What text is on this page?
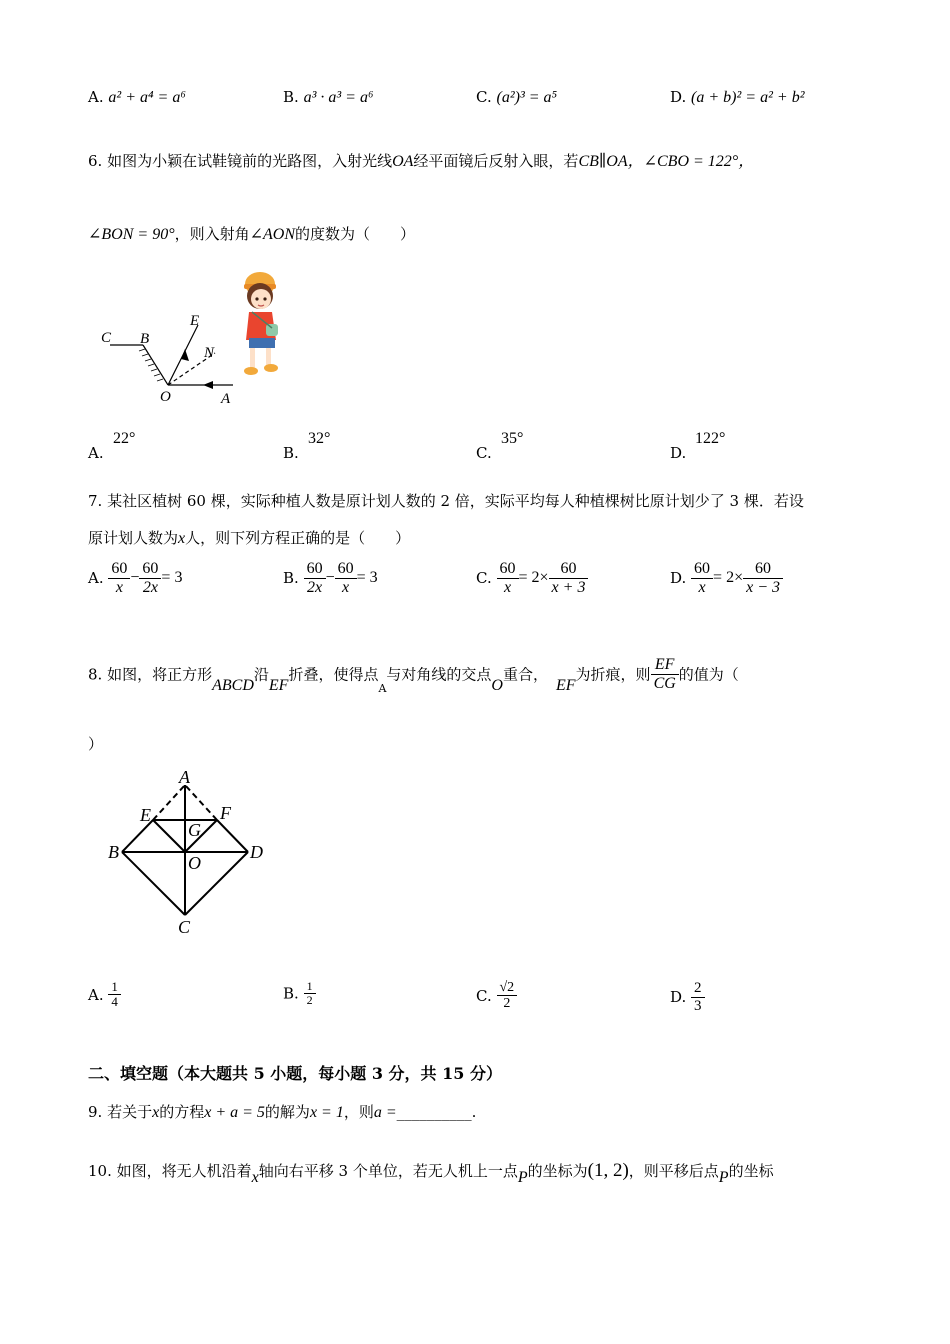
A. a² + a⁴ = a⁶	B. a³ · a³ = a⁶	C. (a²)³ = a⁵	D. (a + b)² = a² + b²
6. 如图为小颖在试鞋镜前的光路图，入射光线OA经平面镜后反射入眼，若CB∥OA，∠CBO = 122°，
∠BON = 90°，则入射角∠AON的度数为（　　）
C B
E
N
O	A
A.
22°
B.
32°
C.
35°
D.
122°
7. 某社区植树 60 棵，实际种植人数是原计划人数的 2 倍，实际平均每人种植棵树比原计划少了 3 棵．若设
原计划人数为x人，则下列方程正确的是（　　）
A. $\frac{60}{x} - \frac{60}{2x} = 3$	B. $\frac{60}{2x} - \frac{60}{x} = 3$	C. $\frac{60}{x} = 2\times \frac{60}{x + 3}$	D. $\frac{60}{x} = 2\times \frac{60}{x - 3}$
8. 如图，将正方形ABCD沿EF折叠，使得点$_A$与对角线的交点O重合，EF为折痕，则 $\frac{EF}{CG}$ 的值为（
）
A
E	F
G
B
O
D
C
A. $\frac{1}{4}$	B. $\frac{1}{2}$	C. $\frac{√2}{2}$	D. $\frac{2}{3}$
二、填空题（本大题共 5 小题，每小题 3 分，共 15 分）
9. 若关于x的方程x + a = 5的解为x = 1，则a =__________.
10. 如图，将无人机沿着x轴向右平移 3 个单位，若无人机上一点P的坐标为(1, 2)，则平移后点P的坐标
